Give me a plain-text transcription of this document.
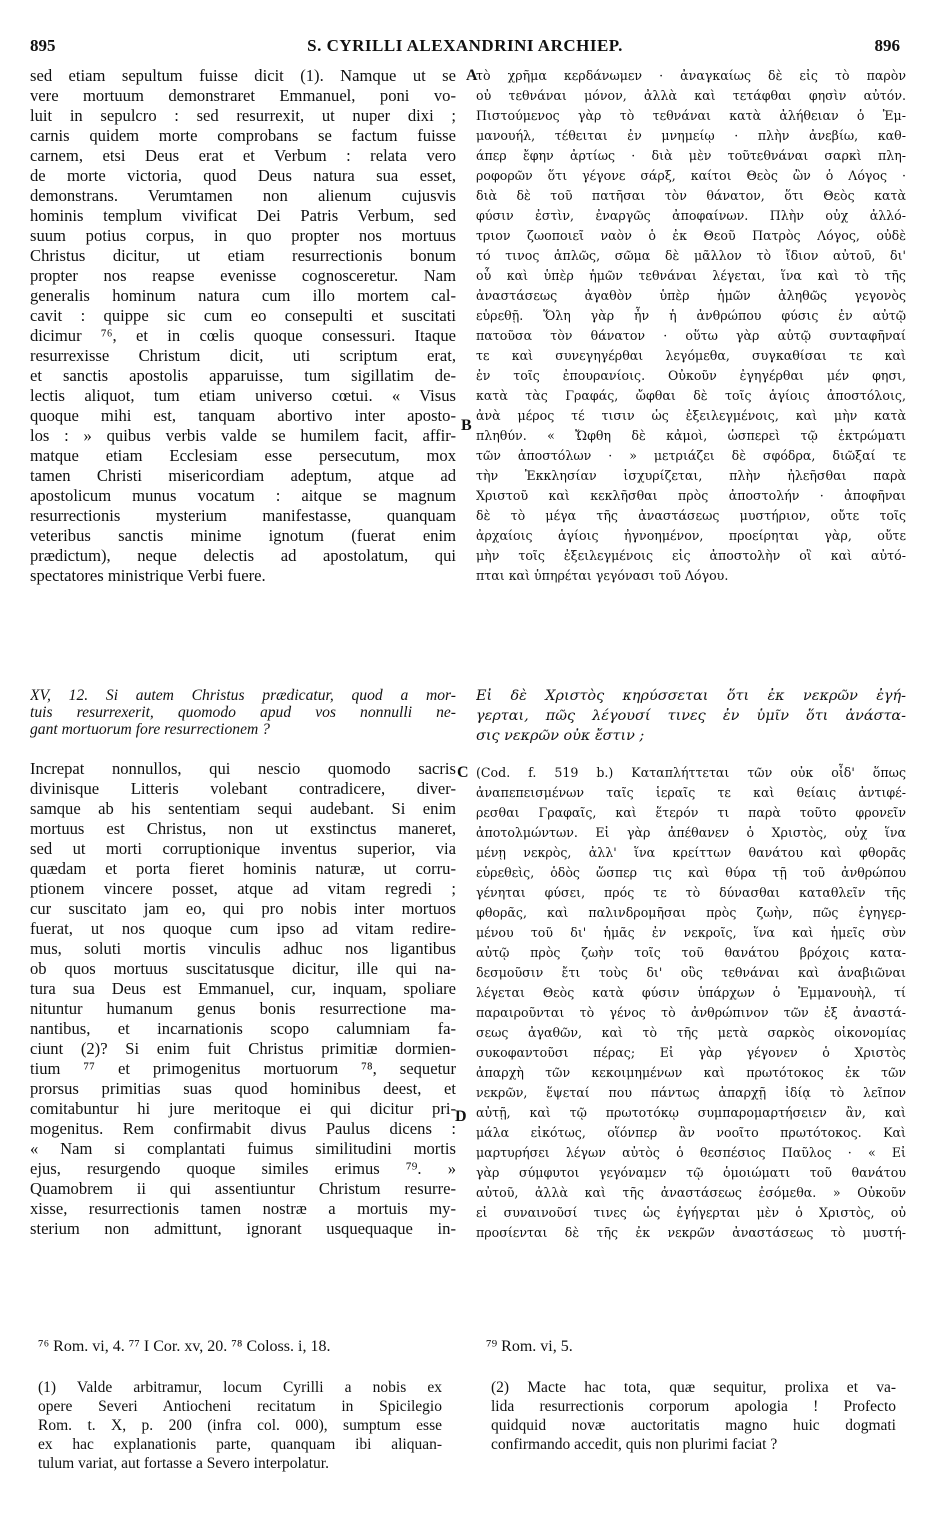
895	S. CYRILLI ALEXANDRINI ARCHIEP.	896
sed etiam sepultum fuisse dicit (1). Namque ut se
vere mortuum demonstraret Emmanuel, poni vo-
luit in sepulcro : sed resurrexit, ut nuper dixi ;
carnis quidem morte comprobans se factum fuisse
carnem, etsi Deus erat et Verbum : relata vero
de morte victoria, quod Deus natura sua esset,
demonstrans. Verumtamen non alienum cujusvis
hominis templum vivificat Dei Patris Verbum, sed
suum potius corpus, in quo propter nos mortuus
Christus dicitur, ut etiam resurrectionis bonum
propter nos reapse evenisse cognosceretur. Nam
generalis hominum natura cum illo mortem cal-
cavit : quippe sic cum eo consepulti et suscitati
dicimur ⁷⁶, et in cœlis quoque consessuri. Itaque
resurrexisse Christum dicit, uti scriptum erat,
et sanctis apostolis apparuisse, tum sigillatim de-
lectis aliquot, tum etiam universo cœtui. « Visus
quoque mihi est, tanquam abortivo inter aposto-
los : » quibus verbis valde se humilem facit, affir-
matque etiam Ecclesiam esse persecutum, mox
tamen Christi misericordiam adeptum, atque ad
apostolicum munus vocatum : aitque se magnum
resurrectionis mysterium manifestasse, quanquam
veteribus sanctis minime ignotum (fuerat enim
prædictum), neque delectis ad apostolatum, qui
spectatores ministrique Verbi fuere.
XV, 12. Si autem Christus prædicatur, quod a mor-
tuis resurrexerit, quomodo apud vos nonnulli ne-
gant mortuorum fore resurrectionem ?
Increpat nonnullos, qui nescio quomodo sacris
divinisque Litteris volebant contradicere, diver-
samque ab his sententiam sequi audebant. Si enim
mortuus est Christus, non ut exstinctus maneret,
sed ut morti corruptionique inventus superior, via
quædam et porta fieret hominis naturæ, ut corru-
ptionem vincere posset, atque ad vitam regredi ;
cur suscitato jam eo, qui pro nobis inter mortuos
fuerat, ut nos quoque cum ipso ad vitam redire-
mus, soluti mortis vinculis adhuc nos ligantibus
ob quos mortuus suscitatusque dicitur, ille qui na-
tura sua Deus est Emmanuel, cur, inquam, spoliare
nituntur humanum genus bonis resurrectione ma-
nantibus, et incarnationis scopo calumniam fa-
ciunt (2)? Si enim fuit Christus primitiæ dormien-
tium ⁷⁷ et primogenitus mortuorum ⁷⁸, sequetur
prorsus primitias suas quod hominibus deest, et
comitabuntur hi jure meritoque ei qui dicitur pri-
mogenitus. Rem confirmabit divus Paulus dicens :
« Nam si complantati fuimus similitudini mortis
ejus, resurgendo quoque similes erimus ⁷⁹. »
Quamobrem ii qui assentiuntur Christum resurre-
xisse, resurrectionis tamen nostræ a mortuis my-
sterium non admittunt, ignorant usquequaque in-
τὸ χρῆμα κερδάνωμεν · ἀναγκαίως δὲ εἰς τὸ παρὸν
οὐ τεθνάναι μόνον, ἀλλὰ καὶ τετάφθαι φησὶν αὐτόν.
Πιστούμενος γὰρ τὸ τεθνάναι κατὰ ἀλήθειαν ὁ Ἐμ-
μανουήλ, τέθειται ἐν μνημείῳ · πλὴν ἀνεβίω, καθ-
άπερ ἔφην ἀρτίως · διὰ μὲν τοῦτεθνάναι σαρκὶ πλη-
ροφορῶν ὅτι γέγονε σάρξ, καίτοι Θεὸς ὢν ὁ Λόγος ·
διὰ δὲ τοῦ πατῆσαι τὸν θάνατον, ὅτι Θεὸς κατὰ
φύσιν ἐστὶν, ἐναργῶς ἀποφαίνων. Πλὴν οὐχ ἀλλό-
τριον ζωοποιεῖ ναὸν ὁ ἐκ Θεοῦ Πατρὸς Λόγος, οὐδὲ
τό τινος ἁπλῶς, σῶμα δὲ μᾶλλον τὸ ἴδιον αὐτοῦ, δι'
οὗ καὶ ὑπὲρ ἡμῶν τεθνάναι λέγεται, ἵνα καὶ τὸ τῆς
ἀναστάσεως ἀγαθὸν ὑπὲρ ἡμῶν ἀληθῶς γεγονὸς
εὑρεθῇ. Ὅλη γὰρ ἦν ἡ ἀνθρώπου φύσις ἐν αὐτῷ
πατοῦσα τὸν θάνατον · οὕτω γὰρ αὐτῷ συνταφῆναί
τε καὶ συνεγηγέρθαι λεγόμεθα, συγκαθίσαι τε καὶ
ἐν τοῖς ἐπουρανίοις. Οὐκοῦν ἐγηγέρθαι μέν φησι,
κατὰ τὰς Γραφάς, ὤφθαι δὲ τοῖς ἁγίοις ἀποστόλοις,
ἀνὰ μέρος τέ τισιν ὡς ἐξειλεγμένοις, καὶ μὴν κατὰ
πληθύν. « Ὤφθη δὲ κἀμοὶ, ὡσπερεὶ τῷ ἐκτρώματι
τῶν ἀποστόλων · » μετριάζει δὲ σφόδρα, διῶξαί τε
τὴν Ἐκκλησίαν ἰσχυρίζεται, πλὴν ἠλεῆσθαι παρὰ
Χριστοῦ καὶ κεκλῆσθαι πρὸς ἀποστολήν · ἀποφῆναι
δὲ τὸ μέγα τῆς ἀναστάσεως μυστήριον, οὔτε τοῖς
ἀρχαίοις ἁγίοις ἠγνοημένον, προείρηται γὰρ, οὔτε
μὴν τοῖς ἐξειλεγμένοις εἰς ἀποστολὴν οἳ καὶ αὐτό-
πται καὶ ὑπηρέται γεγόνασι τοῦ Λόγου.
Εἰ δὲ Χριστὸς κηρύσσεται ὅτι ἐκ νεκρῶν ἐγή-
γερται, πῶς λέγουσί τινες ἐν ὑμῖν ὅτι ἀνάστα-
σις νεκρῶν οὐκ ἔστιν ;
(Cod. f. 519 b.) Καταπλήττεται τῶν οὐκ οἶδ' ὅπως
ἀναπεπεισμένων ταῖς ἱεραῖς τε καὶ θείαις ἀντιφέ-
ρεσθαι Γραφαῖς, καὶ ἕτερόν τι παρὰ τοῦτο φρονεῖν
ἀποτολμώντων. Εἰ γὰρ ἀπέθανεν ὁ Χριστὸς, οὐχ ἵνα
μένῃ νεκρὸς, ἀλλ' ἵνα κρείττων θανάτου καὶ φθορᾶς
εὑρεθεὶς, ὁδὸς ὥσπερ τις καὶ θύρα τῇ τοῦ ἀνθρώπου
γένηται φύσει, πρός τε τὸ δύνασθαι καταθλεῖν τῆς
φθορᾶς, καὶ παλινδρομῆσαι πρὸς ζωὴν, πῶς ἐγηγερ-
μένου τοῦ δι' ἡμᾶς ἐν νεκροῖς, ἵνα καὶ ἡμεῖς σὺν
αὐτῷ πρὸς ζωὴν τοῖς τοῦ θανάτου βρόχοις κατα-
δεσμοῦσιν ἔτι τοὺς δι' οὓς τεθνάναι καὶ ἀναβιῶναι
λέγεται Θεὸς κατὰ φύσιν ὑπάρχων ὁ Ἐμμανουὴλ, τί
παραιροῦνται τὸ γένος τὸ ἀνθρώπινον τῶν ἐξ ἀναστά-
σεως ἀγαθῶν, καὶ τὸ τῆς μετὰ σαρκὸς οἰκονομίας
συκοφαντοῦσι πέρας; Εἰ γὰρ γέγονεν ὁ Χριστὸς
ἀπαρχὴ τῶν κεκοιμημένων καὶ πρωτότοκος ἐκ τῶν
νεκρῶν, ἕψεταί που πάντως ἀπαρχῇ ἰδίᾳ τὸ λεῖπον
αὐτῇ, καὶ τῷ πρωτοτόκῳ συμπαρομαρτήσειεν ἂν, καὶ
μάλα εἰκότως, οἵόνπερ ἂν νοοῖτο πρωτότοκος. Καὶ
μαρτυρήσει λέγων αὐτὸς ὁ θεσπέσιος Παῦλος · « Εἰ
γὰρ σύμφυτοι γεγόναμεν τῷ ὁμοιώματι τοῦ θανάτου
αὐτοῦ, ἀλλὰ καὶ τῆς ἀναστάσεως ἐσόμεθα. » Οὐκοῦν
εἰ συναινοῦσί τινες ὡς ἐγήγερται μὲν ὁ Χριστὸς, οὐ
προσίενται δὲ τῆς ἐκ νεκρῶν ἀναστάσεως τὸ μυστή-
A
B
C
D
⁷⁶ Rom. vi, 4. ⁷⁷ I Cor. xv, 20. ⁷⁸ Coloss. i, 18.	⁷⁹ Rom. vi, 5.
(1) Valde arbitramur, locum Cyrilli a nobis ex
opere Severi Antiocheni recitatum in Spicilegio
Rom. t. X, p. 200 (infra col. 000), sumptum esse
ex hac explanationis parte, quanquam ibi aliquan-
tulum variat, aut fortasse a Severo interpolatur.
(2) Macte hac tota, quæ sequitur, prolixa et va-
lida resurrectionis corporum apologia ! Profecto
quidquid novæ auctoritatis magno huic dogmati
confirmando accedit, quis non plurimi faciat ?
